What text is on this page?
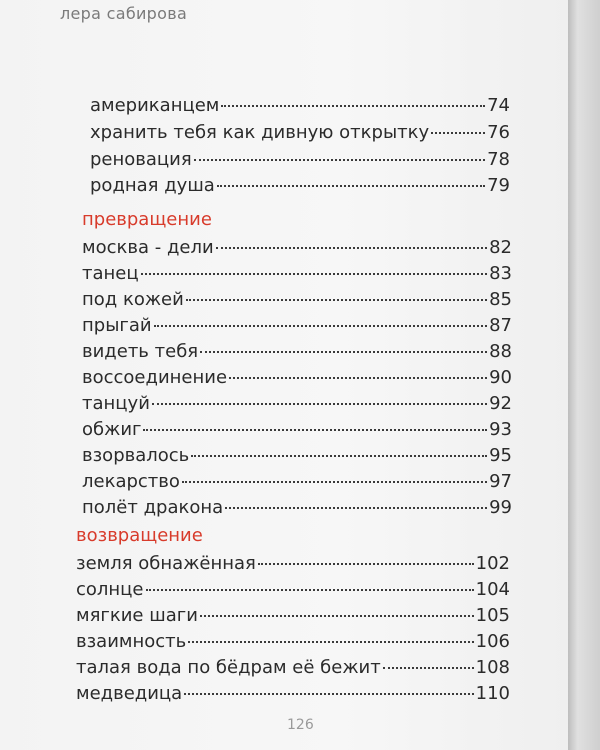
лера сабирова
американцем	74
хранить тебя как дивную открытку	76
реновация	78
родная душа	79
превращение
москва - дели	82
танец	83
под кожей	85
прыгай	87
видеть тебя	88
воссоединение	90
танцуй	92
обжиг	93
взорвалось	95
лекарство	97
полёт дракона	99
возвращение
земля обнажённая	102
солнце	104
мягкие шаги	105
взаимность	106
талая вода по бёдрам её бежит	108
медведица	110
126
